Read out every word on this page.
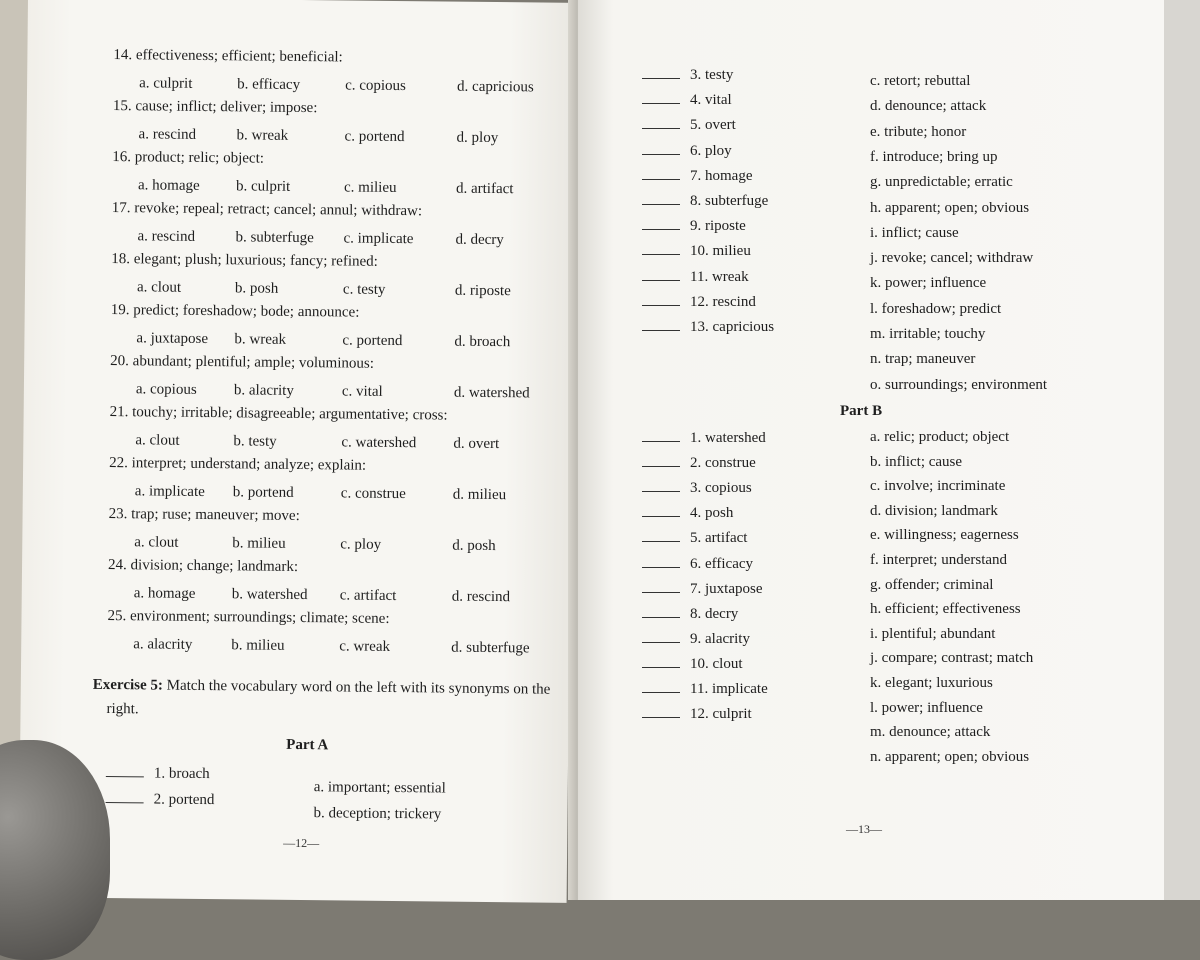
14. effectiveness; efficient; beneficial:
a. culprit	b. efficacy	c. copious	d. capricious
15. cause; inflict; deliver; impose:
a. rescind	b. wreak	c. portend	d. ploy
16. product; relic; object:
a. homage b. culprit	c. milieu	d. artifact
17. revoke; repeal; retract; cancel; annul; withdraw:
a. rescind	b. subterfuge c. implicate	d. decry
18. elegant; plush; luxurious; fancy; refined:
a. clout	b. posh	c. testy	d. riposte
19. predict; foreshadow; bode; announce:
a. juxtapose b. wreak	c. portend	d. broach
20. abundant; plentiful; ample; voluminous:
a. copious b. alacrity	c. vital	d. watershed
21. touchy; irritable; disagreeable; argumentative; cross:
a. clout	b. testy	c. watershed d. overt
22. interpret; understand; analyze; explain:
a. implicate b. portend	c. construe	d. milieu
23. trap; ruse; maneuver; move:
a. clout	b. milieu	c. ploy	d. posh
24. division; change; landmark:
a. homage b. watershed c. artifact	d. rescind
25. environment; surroundings; climate; scene:
a. alacrity	b. milieu	c. wreak	d. subterfuge
Exercise 5: Match the vocabulary word on the left with its synonyms on the
right.
Part A
1. broach
2. portend
a. important; essential
b. deception; trickery
—12—
3. testy
4. vital
5. overt
6. ploy
7. homage
8. subterfuge
9. riposte
10. milieu
11. wreak
12. rescind
13. capricious
c. retort; rebuttal
d. denounce; attack
e. tribute; honor
f. introduce; bring up
g. unpredictable; erratic
h. apparent; open; obvious
i. inflict; cause
j. revoke; cancel; withdraw
k. power; influence
l. foreshadow; predict
m. irritable; touchy
n. trap; maneuver
o. surroundings; environment
Part B
1. watershed
2. construe
3. copious
4. posh
5. artifact
6. efficacy
7. juxtapose
8. decry
9. alacrity
10. clout
11. implicate
12. culprit
a. relic; product; object
b. inflict; cause
c. involve; incriminate
d. division; landmark
e. willingness; eagerness
f. interpret; understand
g. offender; criminal
h. efficient; effectiveness
i. plentiful; abundant
j. compare; contrast; match
k. elegant; luxurious
l. power; influence
m. denounce; attack
n. apparent; open; obvious
—13—
